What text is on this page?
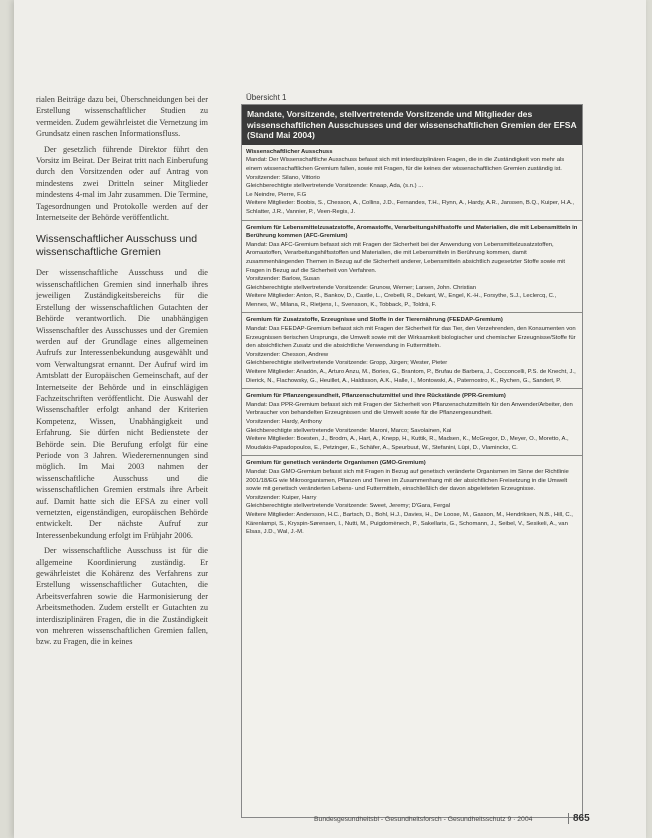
rialen Beiträge dazu bei, Überschneidungen bei der Erstellung wissenschaftlicher Studien zu vermeiden. Zudem gewährleistet die Vernetzung im Grundsatz einen raschen Informationsfluss.

Der gesetzlich führende Direktor führt den Vorsitz im Beirat. Der Beirat tritt nach Einberufung durch den Vorsitzenden oder auf Antrag von mindestens zwei Dritteln seiner Mitglieder mindestens 4-mal im Jahr zusammen. Die Termine, Tagesordnungen und Protokolle werden auf der Internetseite der Behörde veröffentlicht.

Wissenschaftlicher Ausschuss und wissenschaftliche Gremien

Der wissenschaftliche Ausschuss und die wissenschaftlichen Gremien sind innerhalb ihres jeweiligen Zuständigkeitsbereichs für die Erstellung der wissenschaftlichen Gutachten der Behörde verantwortlich. Die unabhängigen Wissenschaftler des Ausschusses und der Gremien werden auf der Grundlage eines allgemeinen Aufrufs zur Interessenbekundung ausgewählt und vom Verwaltungsrat ernannt. Der Aufruf wird im Amtsblatt der Europäischen Gemeinschaft, auf der Internetseite der Behörde und in einschlägigen Fachzeitschriften veröffentlicht. Die Auswahl der Wissenschaftler erfolgt anhand der Kriterien Kompetenz, Wissen, Unabhängigkeit und Erfahrung. Sie dürfen nicht Bedienstete der Behörde sein. Die Berufung erfolgt für eine Periode von 3 Jahren. Wiederernennungen sind möglich. Im Mai 2003 nahmen der wissenschaftliche Ausschuss und die wissenschaftlichen Gremien erstmals ihre Arbeit auf. Damit hatte sich die EFSA zu einer voll vernetzten, eigenständigen, europäischen Behörde entwickelt. Der nächste Aufruf zur Interessenbekundung erfolgt im Frühjahr 2006.

Der wissenschaftliche Ausschuss ist für die allgemeine Koordinierung zuständig. Er gewährleistet die Kohärenz des Verfahrens zur Erstellung wissenschaftlicher Gutachten, die Arbeitsverfahren sowie die Harmonisierung der Arbeitsmethoden. Zudem erstellt er Gutachten zu interdisziplinären Fragen, die in die Zuständigkeit von mehreren wissenschaftlichen Gremien fallen, bzw. zu Fragen, die in keines

Übersicht 1
Mandate, Vorsitzende, stellvertretende Vorsitzende und Mitglieder des wissenschaftlichen Ausschusses und der wissenschaftlichen Gremien der EFSA (Stand Mai 2004)
Wissenschaftlicher Ausschuss
Mandat: Der Wissenschaftliche Ausschuss befasst sich mit interdisziplinären Fragen, die in die Zuständigkeit von mehr als einem wissenschaftlichen Gremium fallen, sowie mit Fragen, für die keines der wissenschaftlichen Gremien zuständig ist.
Vorsitzender: Silano, Vittorio
Gleichberechtigte stellvertretende Vorsitzende: Knaap, Ada, (s.n.) ...
Le Neindre, Pierre, F.G
Weitere Mitglieder: Boobis, S., Chesson, A., Collins, J.D., Fernandes, T.H., Flynn, A., Hardy, A.R., Janssen, B.Q., Kuiper, H.A., Schlatter, J.R., Vannier, P., Veen-Regis, J.
Gremium für Lebensmittelzusatzstoffe, Aromastoffe, Verarbeitungshilfsstoffe und Materialien, die mit Lebensmitteln in Berührung kommen (AFC-Gremium)
Mandat: Das AFC-Gremium befasst sich mit Fragen der Sicherheit bei der Anwendung von Lebensmittelzusatzstoffen, Aromastoffen, Verarbeitungshilfsstoffen und Materialien, die mit Lebensmitteln in Berührung kommen, damit zusammenhängenden Themen in Bezug auf die Sicherheit anderer, Lebensmitteln absichtlich zugesetzter Stoffe sowie mit Fragen in Bezug auf die Sicherheit von Verfahren.
Vorsitzender: Barlow, Susan
Gleichberechtigte stellvertretende Vorsitzende: Grunow, Werner; Larsen, John. Christian
Weitere Mitglieder: Anton, R., Bankov, D., Castle, L., Crebelli, R., Dekant, W., Engel, K.-H., Forsythe, S.J., Leclercq, C., Mennes, W., Milana, R., Rietjens, I., Svensson, K., Tobback, P., Toldrá, F.
Gremium für Zusatzstoffe, Erzeugnisse und Stoffe in der Tierernährung (FEEDAP-Gremium)
Mandat: Das FEEDAP-Gremium befasst sich mit Fragen der Sicherheit für das Tier, den Verzehrenden, den Konsumenten von Erzeugnissen tierischen Ursprungs, die Umwelt sowie mit der Wirksamkeit biologischer und chemischer Erzeugnisse/Stoffe für den absichtlichen Zusatz und die absichtliche Verwendung in Futtermitteln.
Vorsitzender: Chesson, Andrew
Gleichberechtigte stellvertretende Vorsitzende: Gropp, Jürgen; Wester, Pieter
Weitere Mitglieder: Anadón, A., Arturo Anzu, M., Bories, G., Brantom, P., Brufau de Barbera, J., Cocconcelli, P.S. de Knecht, J., Dierick, N., Flachowsky, G., Heuillet, A., Haldisson, A.K., Halle, I., Montowski, A., Paternostro, K., Rychen, G., Sandert, P.
Gremium für Pflanzengesundheit, Pflanzenschutzmittel und ihre Rückstände (PPR-Gremium)
Mandat: Das PPR-Gremium befasst sich mit Fragen der Sicherheit von Pflanzenschutzmitteln für den Anwender/Arbeiter, den Verbraucher von behandelten Erzeugnissen und die Umwelt sowie für die Pflanzengesundheit.
Vorsitzender: Hardy, Anthony
Gleichberechtigte stellvertretende Vorsitzende: Maroni, Marco; Savolainen, Kai
Weitere Mitglieder: Boesten, J., Brodrn, A., Hart, A., Knepp, H., Kuttik, R., Madsen, K., McGregor, D., Meyer, O., Moretto, A., Moudakis-Papadopoulos, E., Petzinger, E., Schäfer, A., Speurbuut, W., Stefanini, Lüpi, D., Vlaminckx, C.
Gremium für genetisch veränderte Organismen (GMO-Gremium)
Mandat: Das GMO-Gremium befasst sich mit Fragen in Bezug auf genetisch veränderte Organismen im Sinne der Richtlinie 2001/18/EG wie Mikroorganismen, Pflanzen und Tieren im Zusammenhang mit der absichtlichen Freisetzung in die Umwelt sowie mit genetisch veränderten Lebens- und Futtermitteln, einschließlich der davon abgeleiteten Erzeugnisse.
Vorsitzender: Kuiper, Harry
Gleichberechtigte stellvertretende Vorsitzende: Sweet, Jeremy; D'Gara, Fergal
Weitere Mitglieder: Andersson, H.C., Bartsch, D., Bohl, H.J., Davies, H., De Loose, M., Gasson, M., Hendriksen, N.B., Hill, C., Kärenlampi, S., Kryspin-Sørensen, I., Nutti, M., Puigdomènech, P., Sakellaris, G., Schomann, J., Seibel, V., Sesikeli, A., van Elsas, J.D., Wal, J.-M.
Bundesgesundheitsbl - Gesundheitsforsch - Gesundheitsschutz 9 · 2004	865
